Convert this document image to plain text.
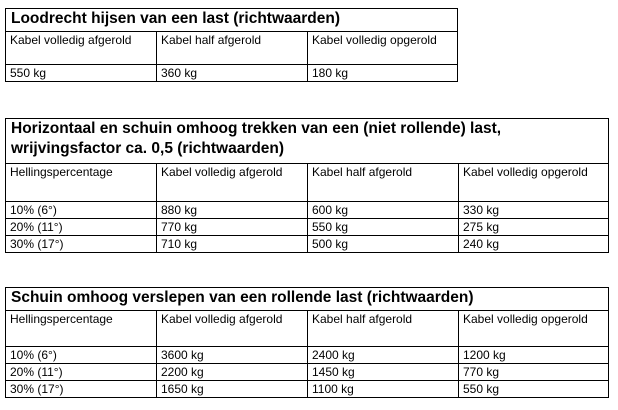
Loodrecht hijsen van een last (richtwaarden)		
Kabel volledig afgerold	Kabel half afgerold	Kabel volledig opgerold
550 kg	360 kg	180 kg
Horizontaal en schuin omhoog trekken van een (niet rollende) last,
wrijvingsfactor ca. 0,5 (richtwaarden)			
Hellingspercentage	Kabel volledig afgerold	Kabel half afgerold	Kabel volledig opgerold
10% (6°)	880 kg	600 kg	330 kg
20% (11°)	770 kg	550 kg	275 kg
30% (17°)	710 kg	500 kg	240 kg
Schuin omhoog verslepen van een rollende last (richtwaarden)			
Hellingspercentage	Kabel volledig afgerold	Kabel half afgerold	Kabel volledig opgerold
10% (6°)	3600 kg	2400 kg	1200 kg
20% (11°)	2200 kg	1450 kg	770 kg
30% (17°)	1650 kg	1100 kg	550 kg
